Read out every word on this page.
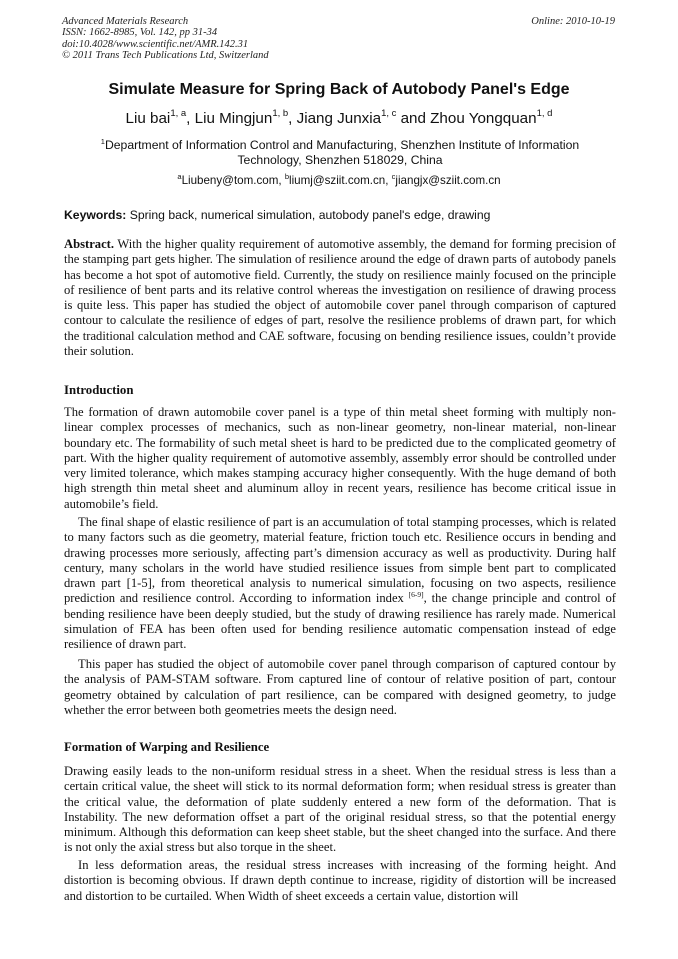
Advanced Materials Research
ISSN: 1662-8985, Vol. 142, pp 31-34
doi:10.4028/www.scientific.net/AMR.142.31
© 2011 Trans Tech Publications Ltd, Switzerland
Online: 2010-10-19
Simulate Measure for Spring Back of Autobody Panel's Edge
Liu bai$^{1, a}$, Liu Mingjun$^{1, b}$, Jiang Junxia$^{1, c}$ and Zhou Yongquan$^{1, d}$
$^1$Department of Information Control and Manufacturing, Shenzhen Institute of Information Technology, Shenzhen 518029, China
$^a$Liubeny@tom.com, $^b$liumj@sziit.com.cn, $^c$jiangjx@sziit.com.cn
Keywords: Spring back, numerical simulation, autobody panel's edge, drawing

Abstract. With the higher quality requirement of automotive assembly, the demand for forming precision of the stamping part gets higher. The simulation of resilience around the edge of drawn parts of autobody panels has become a hot spot of automotive field. Currently, the study on resilience mainly focused on the principle of resilience of bent parts and its relative control whereas the investigation on resilience of drawing process is quite less. This paper has studied the object of automobile cover panel through comparison of captured contour to calculate the resilience of edges of part, resolve the resilience problems of drawn part, for which the traditional calculation method and CAE software, focusing on bending resilience issues, couldn’t provide their solution.

Introduction

The formation of drawn automobile cover panel is a type of thin metal sheet forming with multiply non-linear complex processes of mechanics, such as non-linear geometry, non-linear material, non-linear boundary etc. The formability of such metal sheet is hard to be predicted due to the complicated geometry of part. With the higher quality requirement of automotive assembly, assembly error should be controlled under very limited tolerance, which makes stamping accuracy higher consequently. With the huge demand of both high strength thin metal sheet and aluminum alloy in recent years, resilience has become critical issue in automobile’s field.

The final shape of elastic resilience of part is an accumulation of total stamping processes, which is related to many factors such as die geometry, material feature, friction touch etc. Resilience occurs in bending and drawing processes more seriously, affecting part’s dimension accuracy as well as productivity. During half century, many scholars in the world have studied resilience issues from simple bent part to complicated drawn part [1-5], from theoretical analysis to numerical simulation, focusing on two aspects, resilience prediction and resilience control. According to information index [6-9], the change principle and control of bending resilience have been deeply studied, but the study of drawing resilience has rarely made. Numerical simulation of FEA has been often used for bending resilience automatic compensation instead of edge resilience of drawn part.

This paper has studied the object of automobile cover panel through comparison of captured contour by the analysis of PAM-STAM software. From captured line of contour of relative position of part, contour geometry obtained by calculation of part resilience, can be compared with designed geometry, to judge whether the error between both geometries meets the design need.

Formation of Warping and Resilience

Drawing easily leads to the non-uniform residual stress in a sheet. When the residual stress is less than a certain critical value, the sheet will stick to its normal deformation form; when residual stress is greater than the critical value, the deformation of plate suddenly entered a new form of the deformation. That is Instability. The new deformation offset a part of the original residual stress, so that the potential energy minimum. Although this deformation can keep sheet stable, but the sheet changed into the surface. And there is not only the axial stress but also torque in the sheet.

In less deformation areas, the residual stress increases with increasing of the forming height. And distortion is becoming obvious. If drawn depth continue to increase, rigidity of distortion will be increased and distortion to be curtailed. When Width of sheet exceeds a certain value, distortion will
